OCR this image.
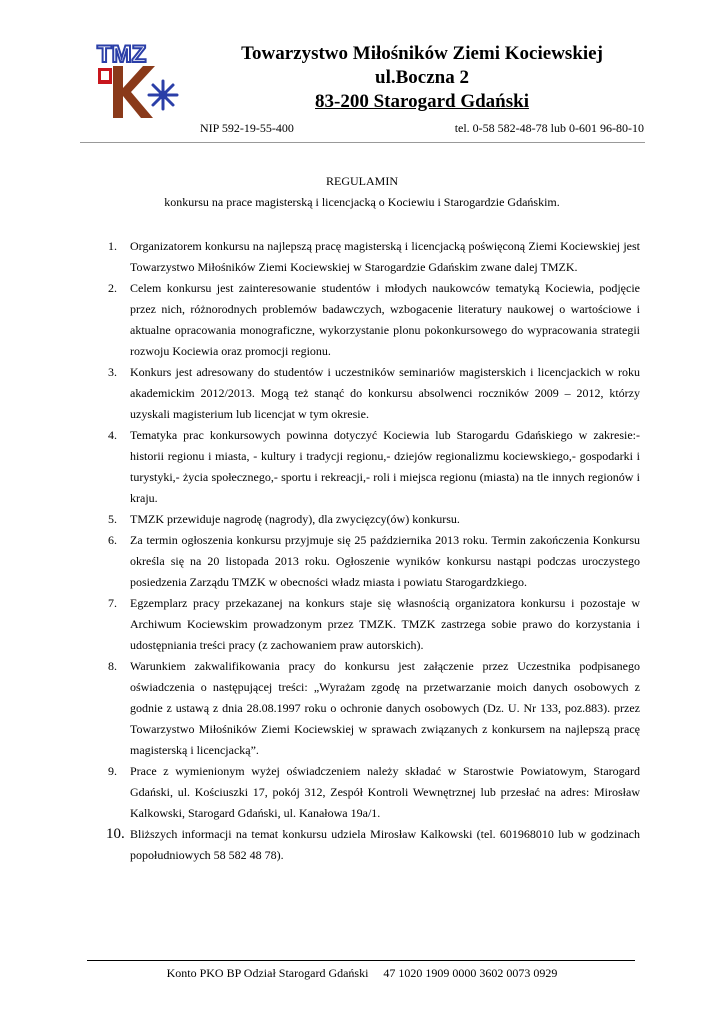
TMZ	Towarzystwo Miłośników Ziemi Kociewskiej
ul.Boczna 2
83-200 Starogard Gdański
NIP 592-19-55-400	tel. 0-58 582-48-78 lub 0-601 96-80-10
REGULAMIN
konkursu na prace magisterską i licencjacką o Kociewiu i Starogardzie Gdańskim.
1. Organizatorem konkursu na najlepszą pracę magisterską i licencjacką poświęconą Ziemi Kociewskiej jest Towarzystwo Miłośników Ziemi Kociewskiej w Starogardzie Gdańskim zwane dalej TMZK.
2. Celem konkursu jest zainteresowanie studentów i młodych naukowców tematyką Kociewia, podjęcie przez nich, różnorodnych problemów badawczych, wzbogacenie literatury naukowej o wartościowe i aktualne opracowania monograficzne, wykorzystanie plonu pokonkursowego do wypracowania strategii rozwoju Kociewia oraz promocji regionu.
3. Konkurs jest adresowany do studentów i uczestników seminariów magisterskich i licencjackich w roku akademickim 2012/2013. Mogą też stanąć do konkursu absolwenci roczników 2009 – 2012, którzy uzyskali magisterium lub licencjat w tym okresie.
4. Tematyka prac konkursowych powinna dotyczyć Kociewia lub Starogardu Gdańskiego w zakresie:- historii regionu i miasta, - kultury i tradycji regionu,- dziejów regionalizmu kociewskiego,- gospodarki i turystyki,- życia społecznego,- sportu i rekreacji,- roli i miejsca regionu (miasta) na tle innych regionów i kraju.
5. TMZK przewiduje nagrodę (nagrody), dla zwycięzcy(ów) konkursu.
6. Za termin ogłoszenia konkursu przyjmuje się 25 października 2013 roku. Termin zakończenia Konkursu określa się na 20 listopada 2013 roku. Ogłoszenie wyników konkursu nastąpi podczas uroczystego posiedzenia Zarządu TMZK w obecności władz miasta i powiatu Starogardzkiego.
7. Egzemplarz pracy przekazanej na konkurs staje się własnością organizatora konkursu i pozostaje w Archiwum Kociewskim prowadzonym przez TMZK. TMZK zastrzega sobie prawo do korzystania i udostępniania treści pracy (z zachowaniem praw autorskich).
8. Warunkiem zakwalifikowania pracy do konkursu jest załączenie przez Uczestnika podpisanego oświadczenia o następującej treści: „Wyrażam zgodę na przetwarzanie moich danych osobowych z godnie z ustawą z dnia 28.08.1997 roku o ochronie danych osobowych (Dz. U. Nr 133, poz.883). przez Towarzystwo Miłośników Ziemi Kociewskiej w sprawach związanych z konkursem na najlepszą pracę magisterską i licencjacką”.
9. Prace z wymienionym wyżej oświadczeniem należy składać w Starostwie Powiatowym, Starogard Gdański, ul. Kościuszki 17, pokój 312, Zespół Kontroli Wewnętrznej lub przesłać na adres: Mirosław Kalkowski, Starogard Gdański, ul. Kanałowa 19a/1.
10. Bliższych informacji na temat konkursu udziela Mirosław Kalkowski (tel. 601968010 lub w godzinach popołudniowych 58 582 48 78).
Konto PKO BP Odział Starogard Gdański     47 1020 1909 0000 3602 0073 0929
